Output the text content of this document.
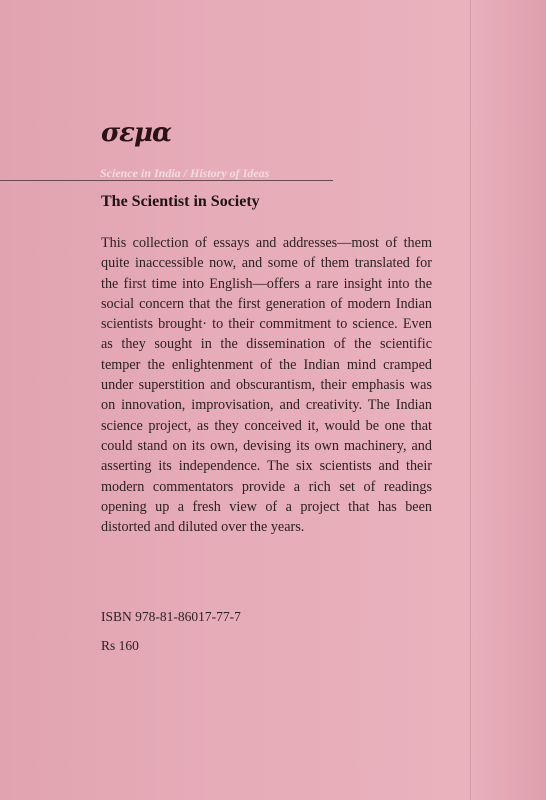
σεμα
Science in India / History of Ideas
The Scientist in Society

This collection of essays and addresses—most of them quite inaccessible now, and some of them translated for the first time into English—offers a rare insight into the social concern that the first generation of modern Indian scientists brought· to their commitment to science. Even as they sought in the dissemination of the scientific temper the enlightenment of the Indian mind cramped under superstition and obscurantism, their emphasis was on innovation, improvisation, and creativity. The Indian science project, as they conceived it, would be one that could stand on its own, devising its own machinery, and asserting its independence. The six scientists and their modern commentators provide a rich set of readings opening up a fresh view of a project that has been distorted and diluted over the years.

ISBN 978-81-86017-77-7
Rs 160
